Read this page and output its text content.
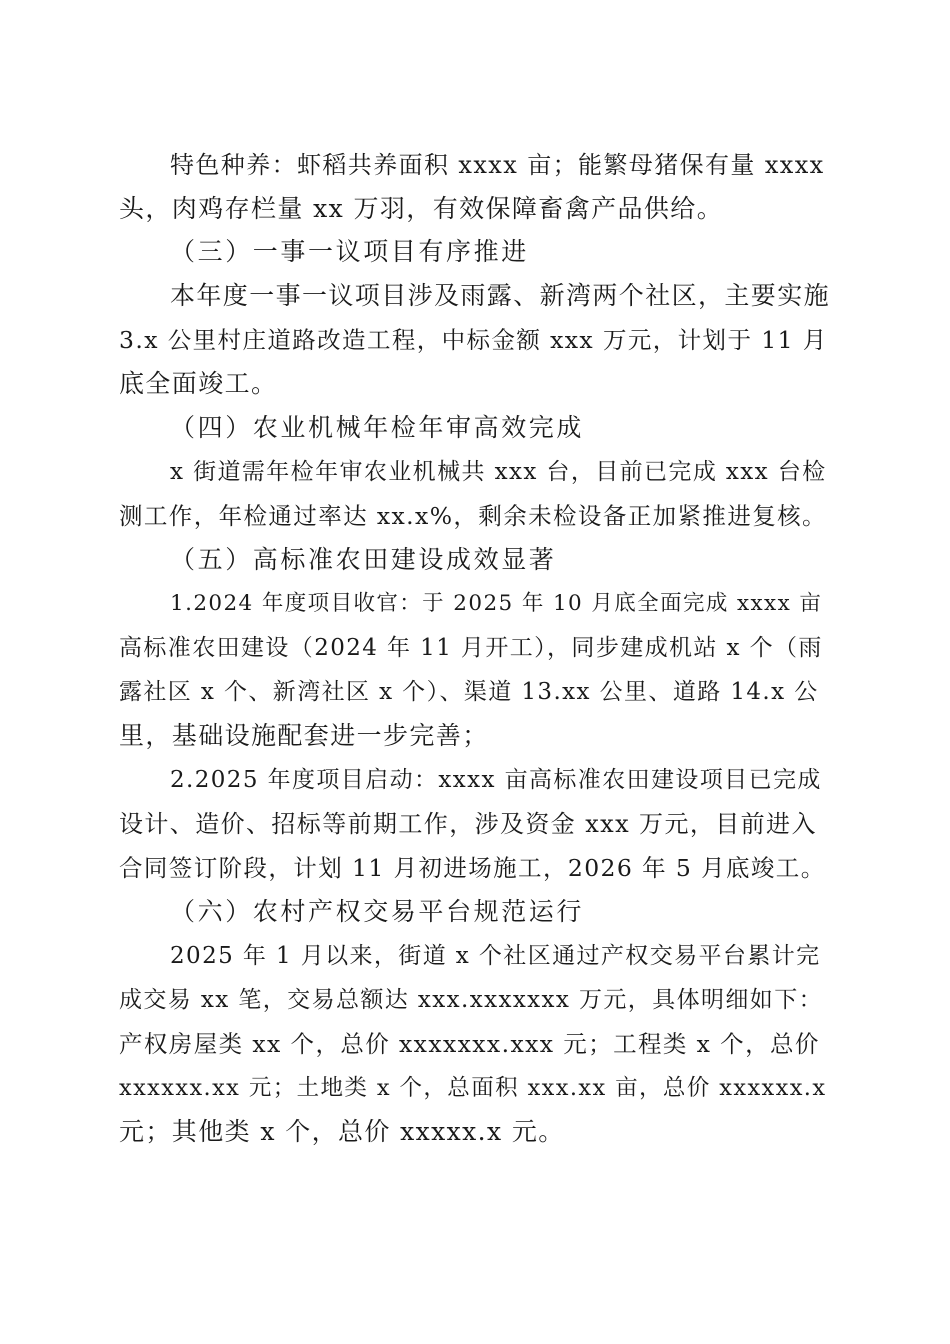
特色种养：虾稻共养面积 xxxx 亩；能繁母猪保有量 xxxx
头，肉鸡存栏量 xx 万羽，有效保障畜禽产品供给。
（三）一事一议项目有序推进
本年度一事一议项目涉及雨露、新湾两个社区，主要实施
3.x 公里村庄道路改造工程，中标金额 xxx 万元，计划于 11 月
底全面竣工。
（四）农业机械年检年审高效完成
x 街道需年检年审农业机械共 xxx 台，目前已完成 xxx 台检
测工作，年检通过率达 xx.x%，剩余未检设备正加紧推进复核。
（五）高标准农田建设成效显著
1.2024 年度项目收官：于 2025 年 10 月底全面完成 xxxx 亩
高标准农田建设（2024 年 11 月开工），同步建成机站 x 个（雨
露社区 x 个、新湾社区 x 个）、渠道 13.xx 公里、道路 14.x 公
里，基础设施配套进一步完善；
2.2025 年度项目启动：xxxx 亩高标准农田建设项目已完成
设计、造价、招标等前期工作，涉及资金 xxx 万元，目前进入
合同签订阶段，计划 11 月初进场施工，2026 年 5 月底竣工。
（六）农村产权交易平台规范运行
2025 年 1 月以来，街道 x 个社区通过产权交易平台累计完
成交易 xx 笔，交易总额达 xxx.xxxxxxx 万元，具体明细如下：
产权房屋类 xx 个，总价 xxxxxxx.xxx 元；工程类 x 个，总价
xxxxxx.xx 元；土地类 x 个，总面积 xxx.xx 亩，总价 xxxxxx.x
元；其他类 x 个，总价 xxxxx.x 元。
